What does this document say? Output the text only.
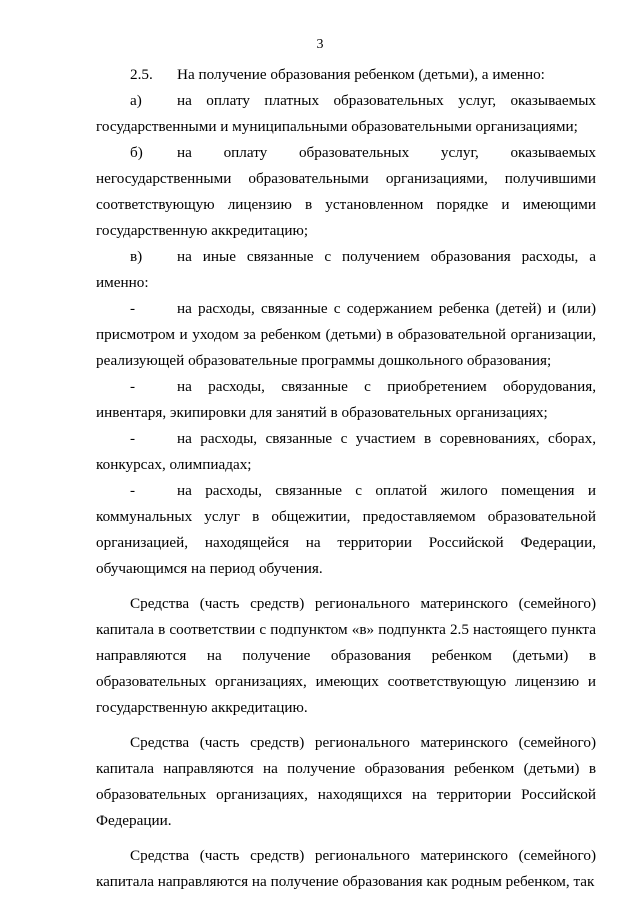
3

2.5. На получение образования ребенком (детьми), а именно:

а) на оплату платных образовательных услуг, оказываемых государственными и муниципальными образовательными организациями;

б) на оплату образовательных услуг, оказываемых негосударственными образовательными организациями, получившими соответствующую лицензию в установленном порядке и имеющими государственную аккредитацию;

в) на иные связанные с получением образования расходы, а именно:

-	на расходы, связанные с содержанием ребенка (детей) и (или) присмотром и уходом за ребенком (детьми) в образовательной организации, реализующей образовательные программы дошкольного образования;

-	на расходы, связанные с приобретением оборудования, инвентаря, экипировки для занятий в образовательных организациях;

-	на расходы, связанные с участием в соревнованиях, сборах, конкурсах, олимпиадах;

-	на расходы, связанные с оплатой жилого помещения и коммунальных услуг в общежитии, предоставляемом образовательной организацией, находящейся на территории Российской Федерации, обучающимся на период обучения.

Средства (часть средств) регионального материнского (семейного) капитала в соответствии с подпунктом «в» подпункта 2.5 настоящего пункта направляются на получение образования ребенком (детьми) в образовательных организациях, имеющих соответствующую лицензию и государственную аккредитацию.

Средства (часть средств) регионального материнского (семейного) капитала направляются на получение образования ребенком (детьми) в образовательных организациях, находящихся на территории Российской Федерации.

Средства (часть средств) регионального материнского (семейного) капитала направляются на получение образования как родным ребенком, так
